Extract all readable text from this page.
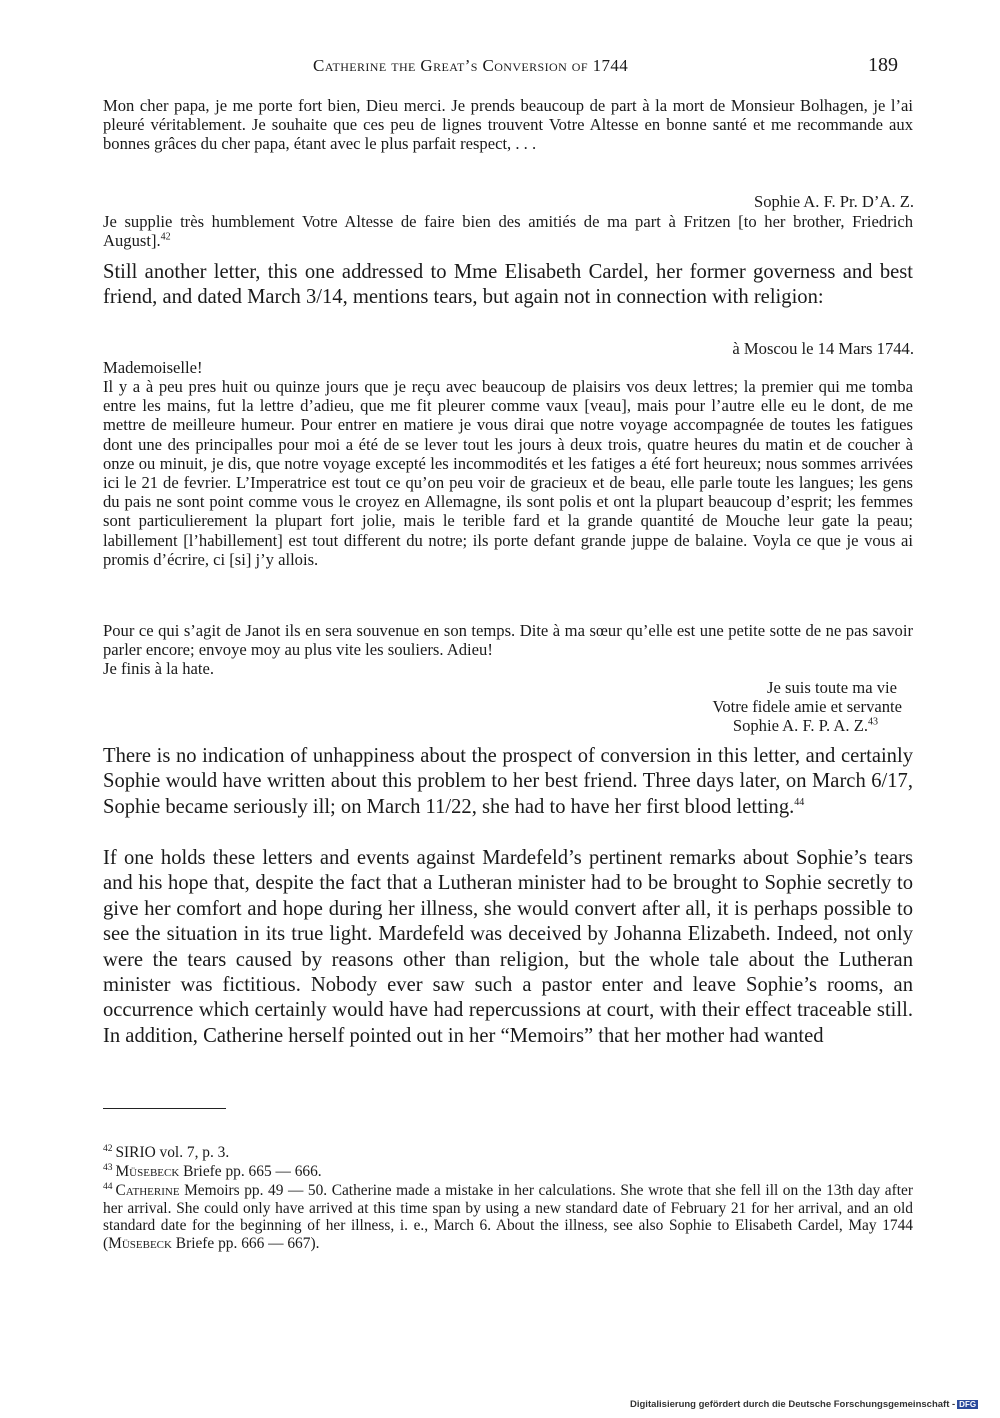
Catherine the Great’s Conversion of 1744	189

Mon cher papa, je me porte fort bien, Dieu merci. Je prends beaucoup de part à la mort de Monsieur Bolhagen, je l’ai pleuré véritablement. Je souhaite que ces peu de lignes trouvent Votre Altesse en bonne santé et me recommande aux bonnes grâces du cher papa, étant avec le plus parfait respect, . . .

Sophie A. F. Pr. D’A. Z.

Je supplie très humblement Votre Altesse de faire bien des amitiés de ma part à Fritzen [to her brother, Friedrich August].$^{42}$

Still another letter, this one addressed to Mme Elisabeth Cardel, her former governess and best friend, and dated March 3/14, mentions tears, but again not in connection with religion:

à Moscou le 14 Mars 1744.
Mademoiselle!

Il y a à peu pres huit ou quinze jours que je reçu avec beaucoup de plaisirs vos deux lettres; la premier qui me tomba entre les mains, fut la lettre d’adieu, que me fit pleurer comme vaux [veau], mais pour l’autre elle eu le dont, de me mettre de meilleure humeur. Pour entrer en matiere je vous dirai que notre voyage accompagnée de toutes les fatigues dont une des principalles pour moi a été de se lever tout les jours à deux trois, quatre heures du matin et de coucher à onze ou minuit, je dis, que notre voyage excepté les incommodités et les fatiges a été fort heureux; nous sommes arrivées ici le 21 de fevrier. L’Imperatrice est tout ce qu’on peu voir de gracieux et de beau, elle parle toute les langues; les gens du pais ne sont point comme vous le croyez en Allemagne, ils sont polis et ont la plupart beaucoup d’esprit; les femmes sont particulierement la plupart fort jolie, mais le terible fard et la grande quantité de Mouche leur gate la peau; labillement [l’habillement] est tout different du notre; ils porte defant grande juppe de balaine. Voyla ce que je vous ai promis d’écrire, ci [si] j’y allois.

Pour ce qui s’agit de Janot ils en sera souvenue en son temps. Dite à ma sœur qu’elle est une petite sotte de ne pas savoir parler encore; envoye moy au plus vite les souliers. Adieu!

Je finis à la hate.
Je suis toute ma vie
Votre fidele amie et servante
Sophie A. F. P. A. Z.$^{43}$

There is no indication of unhappiness about the prospect of conversion in this letter, and certainly Sophie would have written about this problem to her best friend. Three days later, on March 6/17, Sophie became seriously ill; on March 11/22, she had to have her first blood letting.$^{44}$

If one holds these letters and events against Mardefeld’s pertinent remarks about Sophie’s tears and his hope that, despite the fact that a Lutheran minister had to be brought to Sophie secretly to give her comfort and hope during her illness, she would convert after all, it is perhaps possible to see the situation in its true light. Mardefeld was deceived by Johanna Elizabeth. Indeed, not only were the tears caused by reasons other than religion, but the whole tale about the Lutheran minister was fictitious. Nobody ever saw such a pastor enter and leave Sophie’s rooms, an occurrence which certainly would have had repercussions at court, with their effect traceable still. In addition, Catherine herself pointed out in her “Memoirs” that her mother had wanted

$^{42}$ SIRIO vol. 7, p. 3.

$^{43}$ Müsebeck Briefe pp. 665 — 666.

$^{44}$ Catherine Memoirs pp. 49 — 50. Catherine made a mistake in her calculations. She wrote that she fell ill on the 13th day after her arrival. She could only have arrived at this time span by using a new standard date of February 21 for her arrival, and an old standard date for the beginning of her illness, i. e., March 6. About the illness, see also Sophie to Elisabeth Cardel, May 1744 (Müsebeck Briefe pp. 666 — 667).

Digitalisierung gefördert durch die Deutsche Forschungsgemeinschaft - DFG
